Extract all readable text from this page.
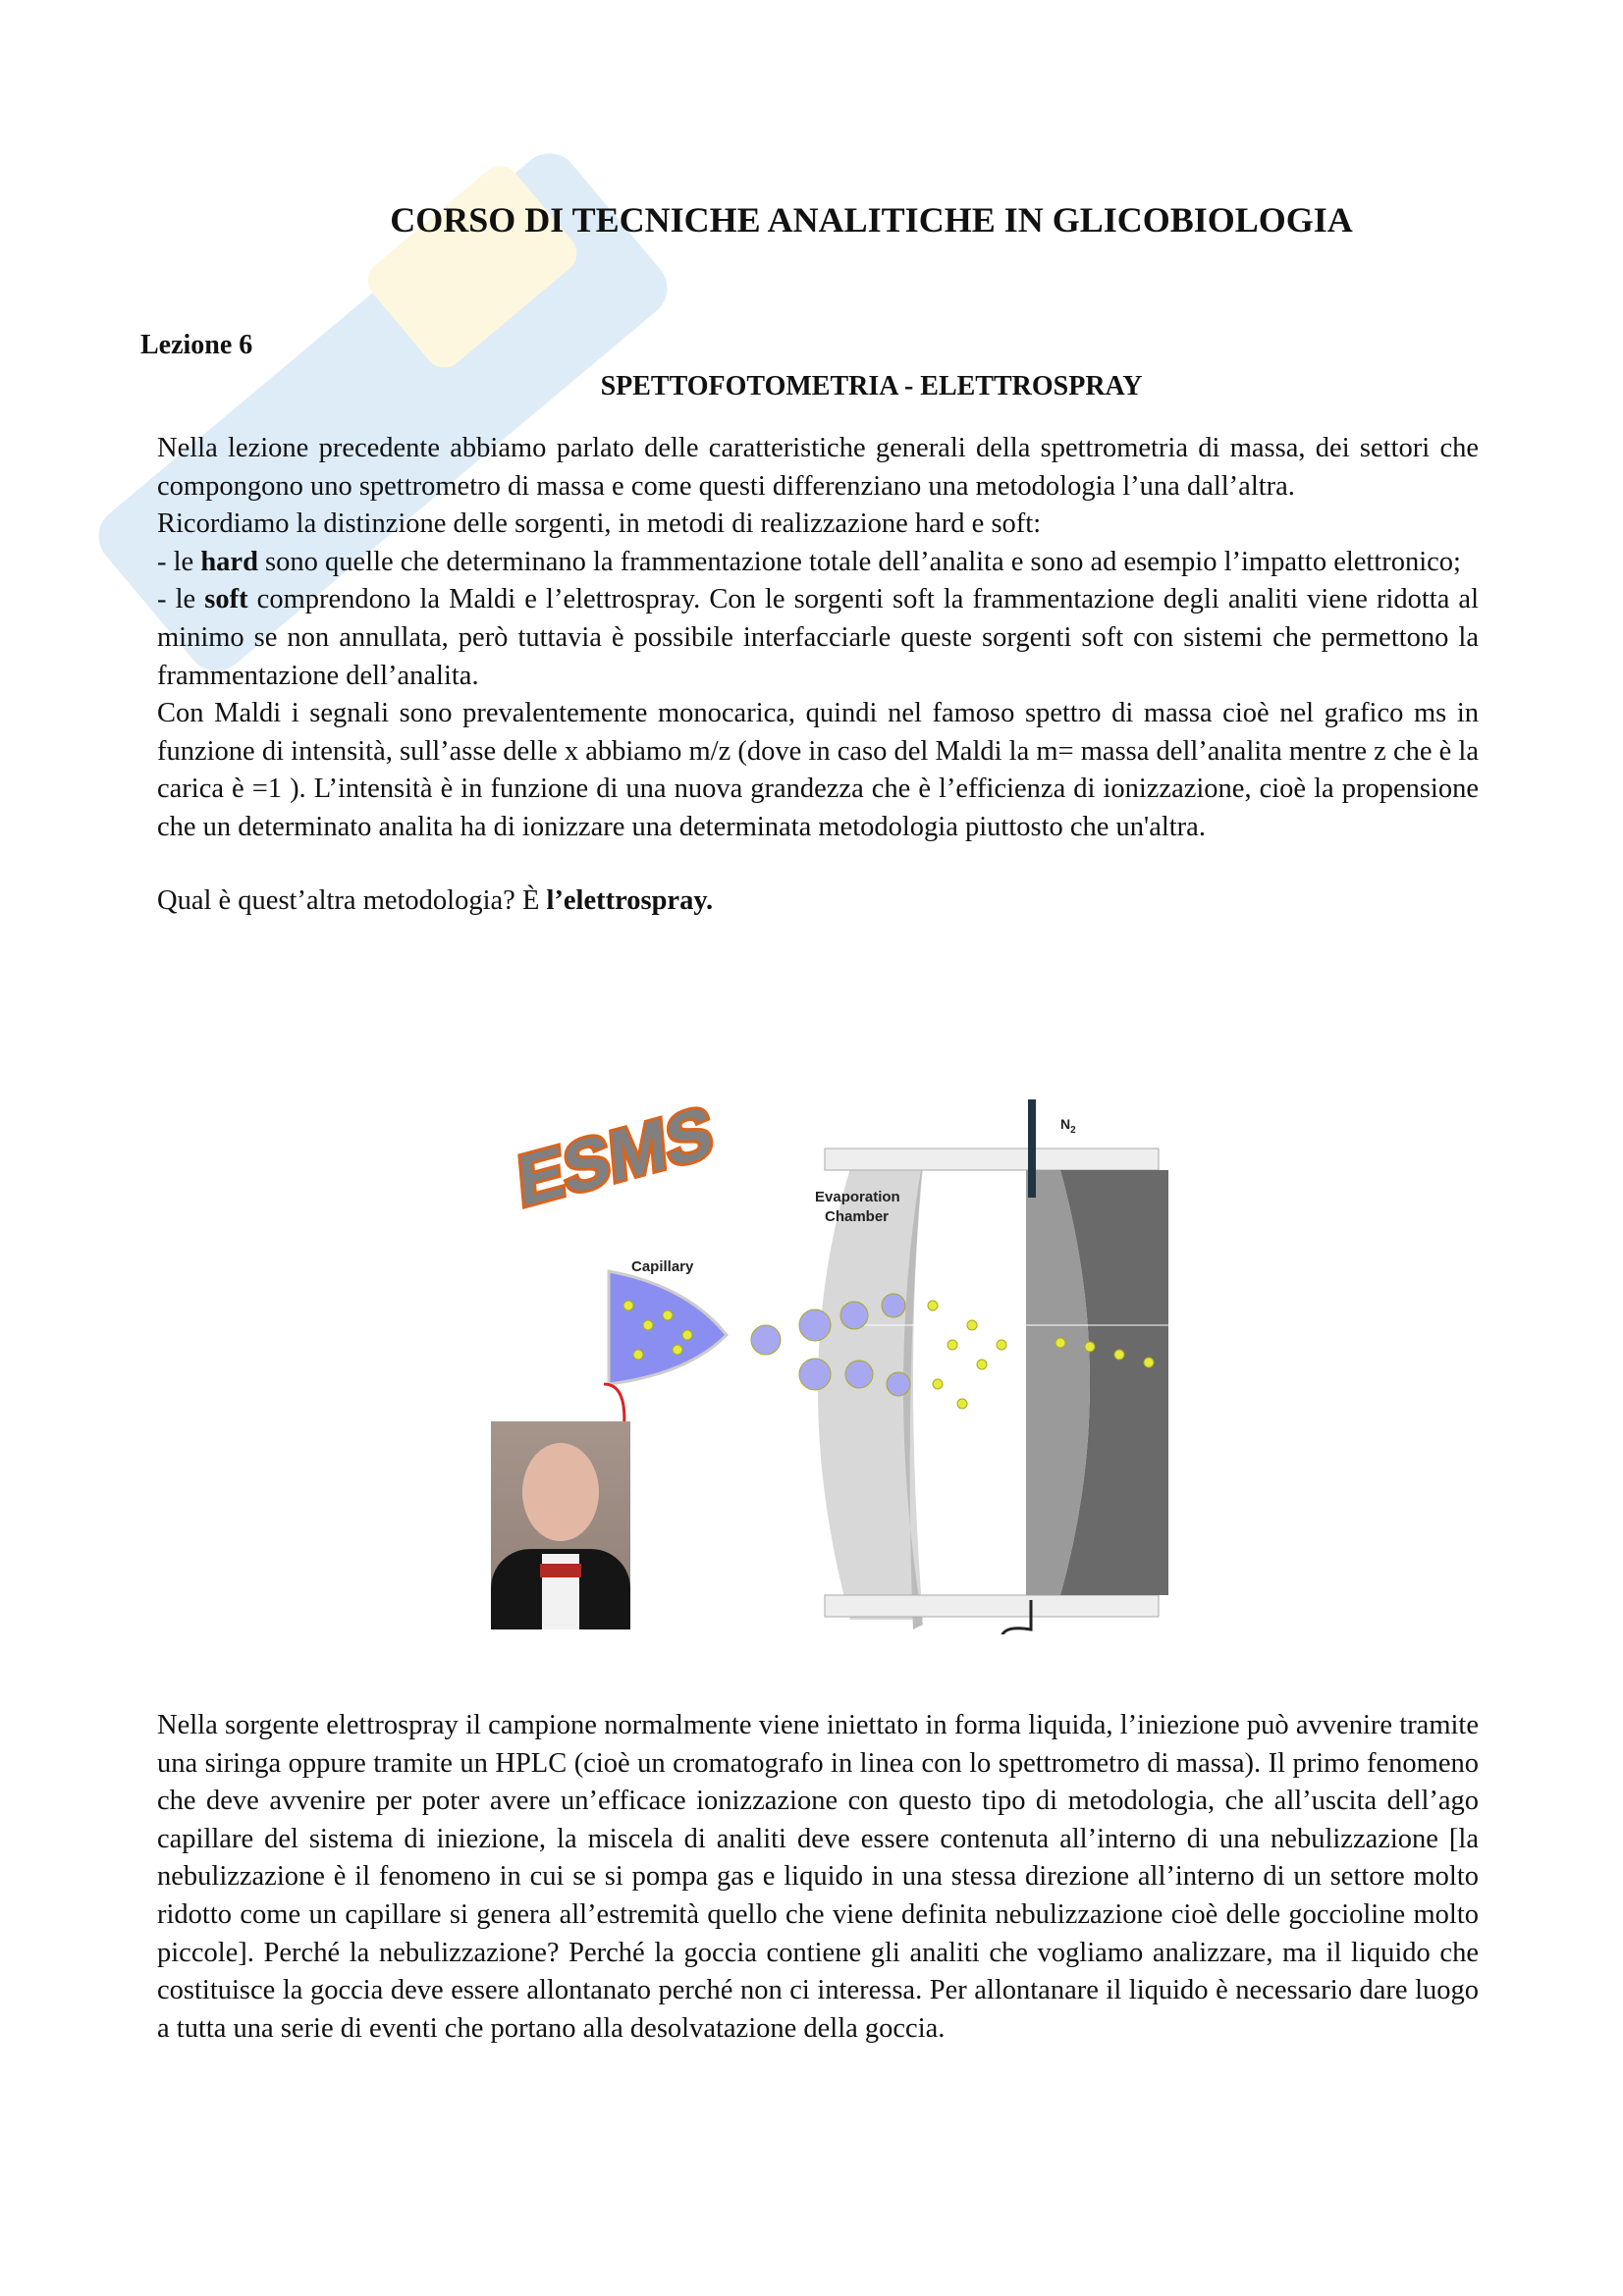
CORSO DI TECNICHE ANALITICHE IN GLICOBIOLOGIA
Lezione 6
SPETTOFOTOMETRIA - ELETTROSPRAY

Nella lezione precedente abbiamo parlato delle caratteristiche generali della spettrometria di massa, dei settori che compongono uno spettrometro di massa e come questi differenziano una metodologia l’una dall’altra.

Ricordiamo la distinzione delle sorgenti, in metodi di realizzazione hard e soft:

- le hard sono quelle che determinano la frammentazione totale dell’analita e sono ad esempio l’impatto elettronico;

- le soft comprendono la Maldi e l’elettrospray. Con le sorgenti soft la frammentazione degli analiti viene ridotta al minimo se non annullata, però tuttavia è possibile interfacciarle queste sorgenti soft con sistemi che permettono la frammentazione dell’analita.

Con Maldi i segnali sono prevalentemente monocarica, quindi nel famoso spettro di massa cioè nel grafico ms in funzione di intensità, sull’asse delle x abbiamo m/z (dove in caso del Maldi la m= massa dell’analita mentre z che è la carica è =1 ). L’intensità è in funzione di una nuova grandezza che è l’efficienza di ionizzazione, cioè la propensione che un determinato analita ha di ionizzare una determinata metodologia piuttosto che un'altra.

Qual è quest’altra metodologia? È l’elettrospray.

ESMS
Capillary
Evaporation
Chamber
$N_2$
Nella sorgente elettrospray il campione normalmente viene iniettato in forma liquida, l’iniezione può avvenire tramite una siringa oppure tramite un HPLC (cioè un cromatografo in linea con lo spettrometro di massa). Il primo fenomeno che deve avvenire per poter avere un’efficace ionizzazione con questo tipo di metodologia, che all’uscita dell’ago capillare del sistema di iniezione, la miscela di analiti deve essere contenuta all’interno di una nebulizzazione [la nebulizzazione è il fenomeno in cui se si pompa gas e liquido in una stessa direzione all’interno di un settore molto ridotto come un capillare si genera all’estremità quello che viene definita nebulizzazione cioè delle goccioline molto piccole]. Perché la nebulizzazione? Perché la goccia contiene gli analiti che vogliamo analizzare, ma il liquido che costituisce la goccia deve essere allontanato perché non ci interessa. Per allontanare il liquido è necessario dare luogo a tutta una serie di eventi che portano alla desolvatazione della goccia.
